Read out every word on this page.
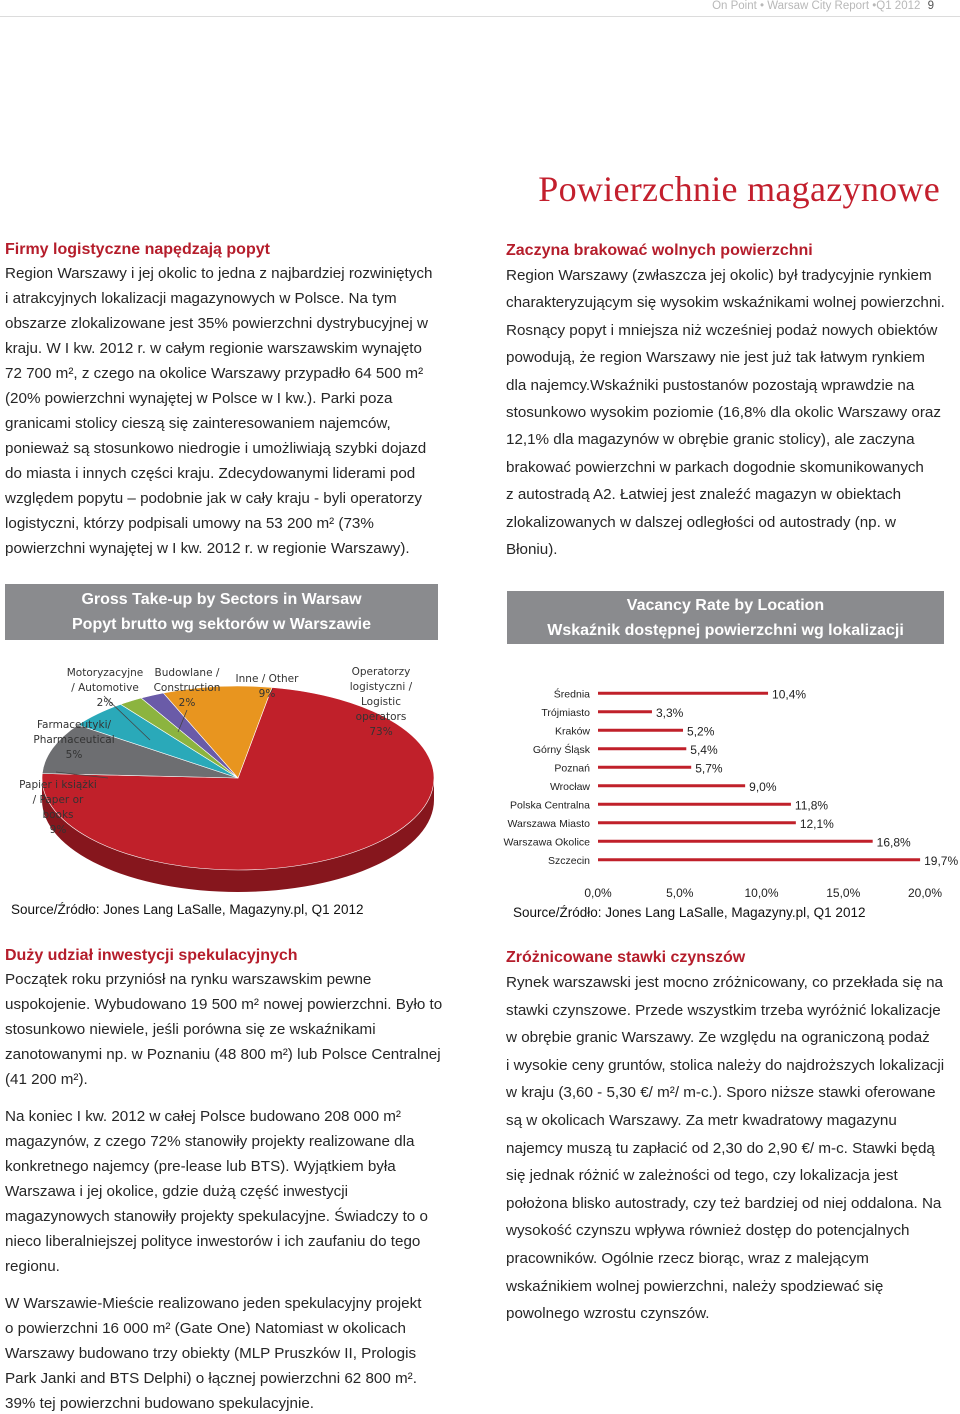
On Point • Warsaw City Report •Q1 2012 9
Powierzchnie magazynowe
Firmy logistyczne napędzają popyt
Region Warszawy i jej okolic to jedna z najbardziej rozwiniętych
i atrakcyjnych lokalizacji magazynowych w Polsce. Na tym
obszarze zlokalizowane jest 35% powierzchni dystrybucyjnej w
kraju. W I kw. 2012 r. w całym regionie warszawskim wynajęto
72 700 m², z czego na okolice Warszawy przypadło 64 500 m²
(20% powierzchni wynajętej w Polsce w I kw.). Parki poza
granicami stolicy cieszą się zainteresowaniem najemców,
ponieważ są stosunkowo niedrogie i umożliwiają szybki dojazd
do miasta i innych części kraju. Zdecydowanymi liderami pod
względem popytu – podobnie jak w cały kraju - byli operatorzy
logistyczni, którzy podpisali umowy na 53 200 m² (73%
powierzchni wynajętej w I kw. 2012 r. w regionie Warszawy).
Zaczyna brakować wolnych powierzchni
Region Warszawy (zwłaszcza jej okolic) był tradycyjnie rynkiem
charakteryzującym się wysokim wskaźnikami wolnej powierzchni.
Rosnący popyt i mniejsza niż wcześniej podaż nowych obiektów
powodują, że region Warszawy nie jest już tak łatwym rynkiem
dla najemcy.Wskaźniki pustostanów pozostają wprawdzie na
stosunkowo wysokim poziomie (16,8% dla okolic Warszawy oraz
12,1% dla magazynów w obrębie granic stolicy), ale zaczyna
brakować powierzchni w parkach dogodnie skomunikowanych
z autostradą A2. Łatwiej jest znaleźć magazyn w obiektach
zlokalizowanych w dalszej odległości od autostrady (np. w
Błoniu).
Gross Take-up by Sectors in Warsaw
Popyt brutto wg sektorów w Warszawie
Vacancy Rate by Location
Wskaźnik dostępnej powierzchni wg lokalizacji
Motoryzacyjne
/ Automotive
2%
Budowlane /
Construction
2%
Inne / Other
9%
Operatorzy
logistyczni /
Logistic
operators
73%
Farmaceutyki/
Pharmaceutical
5%
Papier i książki
/ Paper or
books
9%
Source/Źródło: Jones Lang LaSalle, Magazyny.pl, Q1 2012
Średnia	10,4%
Trójmiasto	3,3%
Kraków	5,2%
Górny Śląsk	5,4%
Poznań	5,7%
Wrocław	9,0%
Polska Centralna	11,8%
Warszawa Miasto	12,1%
Warszawa Okolice	16,8%
Szczecin	19,7%
0,0%	5,0%	10,0%	15,0%	20,0%
Source/Źródło: Jones Lang LaSalle, Magazyny.pl, Q1 2012
Duży udział inwestycji spekulacyjnych
Początek roku przyniósł na rynku warszawskim pewne
uspokojenie. Wybudowano 19 500 m² nowej powierzchni. Było to
stosunkowo niewiele, jeśli porówna się ze wskaźnikami
zanotowanymi np. w Poznaniu (48 800 m²) lub Polsce Centralnej
(41 200 m²).
Na koniec I kw. 2012 w całej Polsce budowano 208 000 m²
magazynów, z czego 72% stanowiły projekty realizowane dla
konkretnego najemcy (pre-lease lub BTS). Wyjątkiem była
Warszawa i jej okolice, gdzie dużą część inwestycji
magazynowych stanowiły projekty spekulacyjne. Świadczy to o
nieco liberalniejszej polityce inwestorów i ich zaufaniu do tego
regionu.
W Warszawie-Mieście realizowano jeden spekulacyjny projekt
o powierzchni 16 000 m² (Gate One) Natomiast w okolicach
Warszawy budowano trzy obiekty (MLP Pruszków II, Prologis
Park Janki and BTS Delphi) o łącznej powierzchni 62 800 m².
39% tej powierzchni budowano spekulacyjnie.
Zróżnicowane stawki czynszów
Rynek warszawski jest mocno zróżnicowany, co przekłada się na
stawki czynszowe. Przede wszystkim trzeba wyróżnić lokalizacje
w obrębie granic Warszawy. Ze względu na ograniczoną podaż
i wysokie ceny gruntów, stolica należy do najdroższych lokalizacji
w kraju (3,60 - 5,30 €/ m²/ m-c.). Sporo niższe stawki oferowane
są w okolicach Warszawy. Za metr kwadratowy magazynu
najemcy muszą tu zapłacić od 2,30 do 2,90 €/ m-c. Stawki będą
się jednak różnić w zależności od tego, czy lokalizacja jest
położona blisko autostrady, czy też bardziej od niej oddalona. Na
wysokość czynszu wpływa również dostęp do potencjalnych
pracowników. Ogólnie rzecz biorąc, wraz z malejącym
wskaźnikiem wolnej powierzchni, należy spodziewać się
powolnego wzrostu czynszów.
